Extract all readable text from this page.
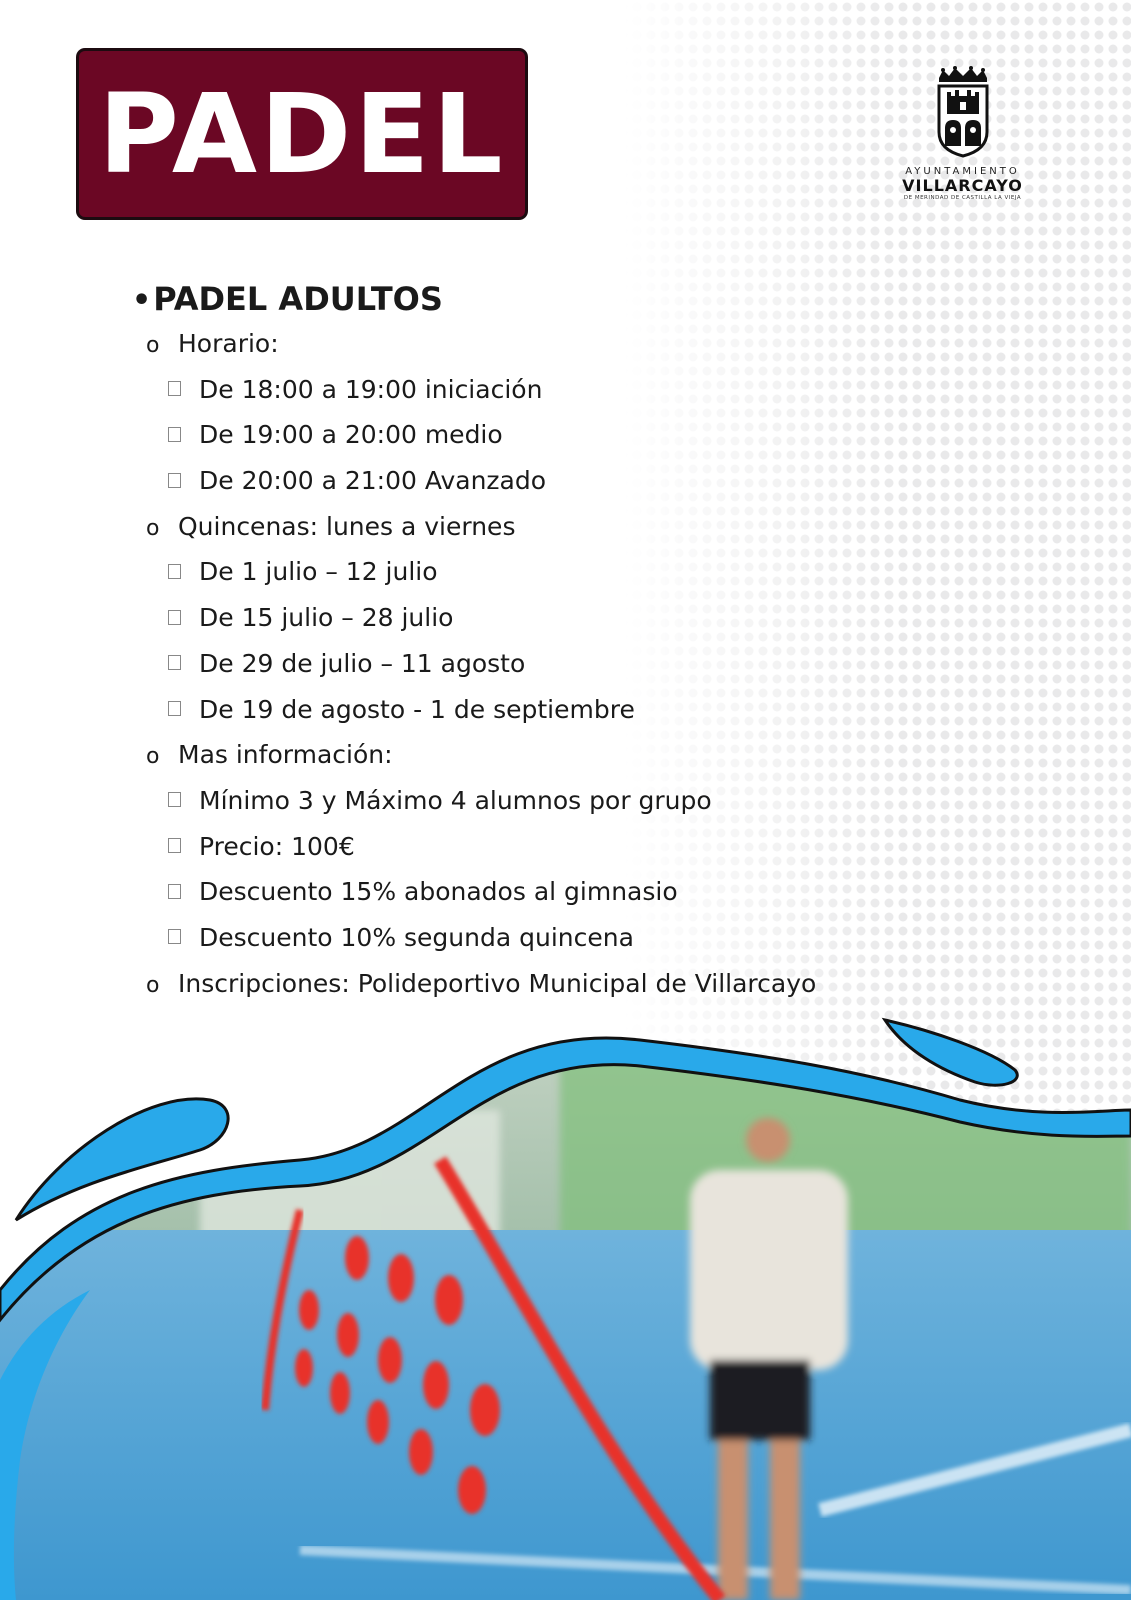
PADEL	AYUNTAMIENTO
VILLARCAYO
DE MERINDAD DE CASTILLA LA VIEJA
•PADEL ADULTOS
o Horario:
De 18:00 a 19:00 iniciación
De 19:00 a 20:00 medio
De 20:00 a 21:00 Avanzado
o Quincenas: lunes a viernes
De 1 julio – 12 julio
De 15 julio – 28 julio
De 29 de julio – 11 agosto
De 19 de agosto - 1 de septiembre
o Mas información:
Mínimo 3 y Máximo 4 alumnos por grupo
Precio: 100€
Descuento 15% abonados al gimnasio
Descuento 10% segunda quincena
o Inscripciones: Polideportivo Municipal de Villarcayo
